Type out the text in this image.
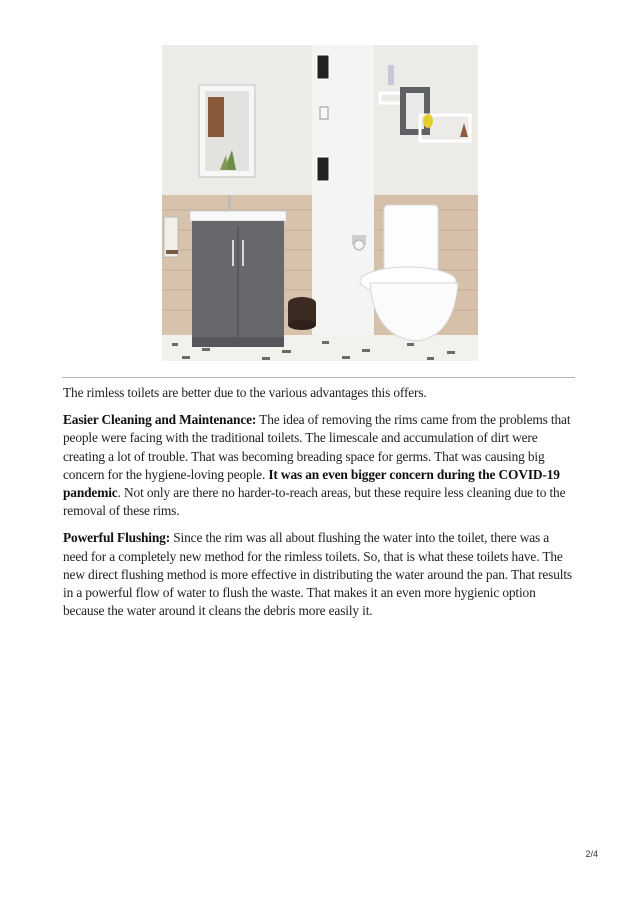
The rimless toilets are better due to the various advantages this offers.

Easier Cleaning and Maintenance: The idea of removing the rims came from the problems that people were facing with the traditional toilets. The limescale and accumulation of dirt were creating a lot of trouble. That was becoming breading space for germs. That was causing big concern for the hygiene-loving people. It was an even bigger concern during the COVID-19 pandemic. Not only are there no harder-to-reach areas, but these require less cleaning due to the removal of these rims.

Powerful Flushing: Since the rim was all about flushing the water into the toilet, there was a need for a completely new method for the rimless toilets. So, that is what these toilets have. The new direct flushing method is more effective in distributing the water around the pan. That results in a powerful flow of water to flush the waste. That makes it an even more hygienic option because the water around it cleans the debris more easily it.

2/4
